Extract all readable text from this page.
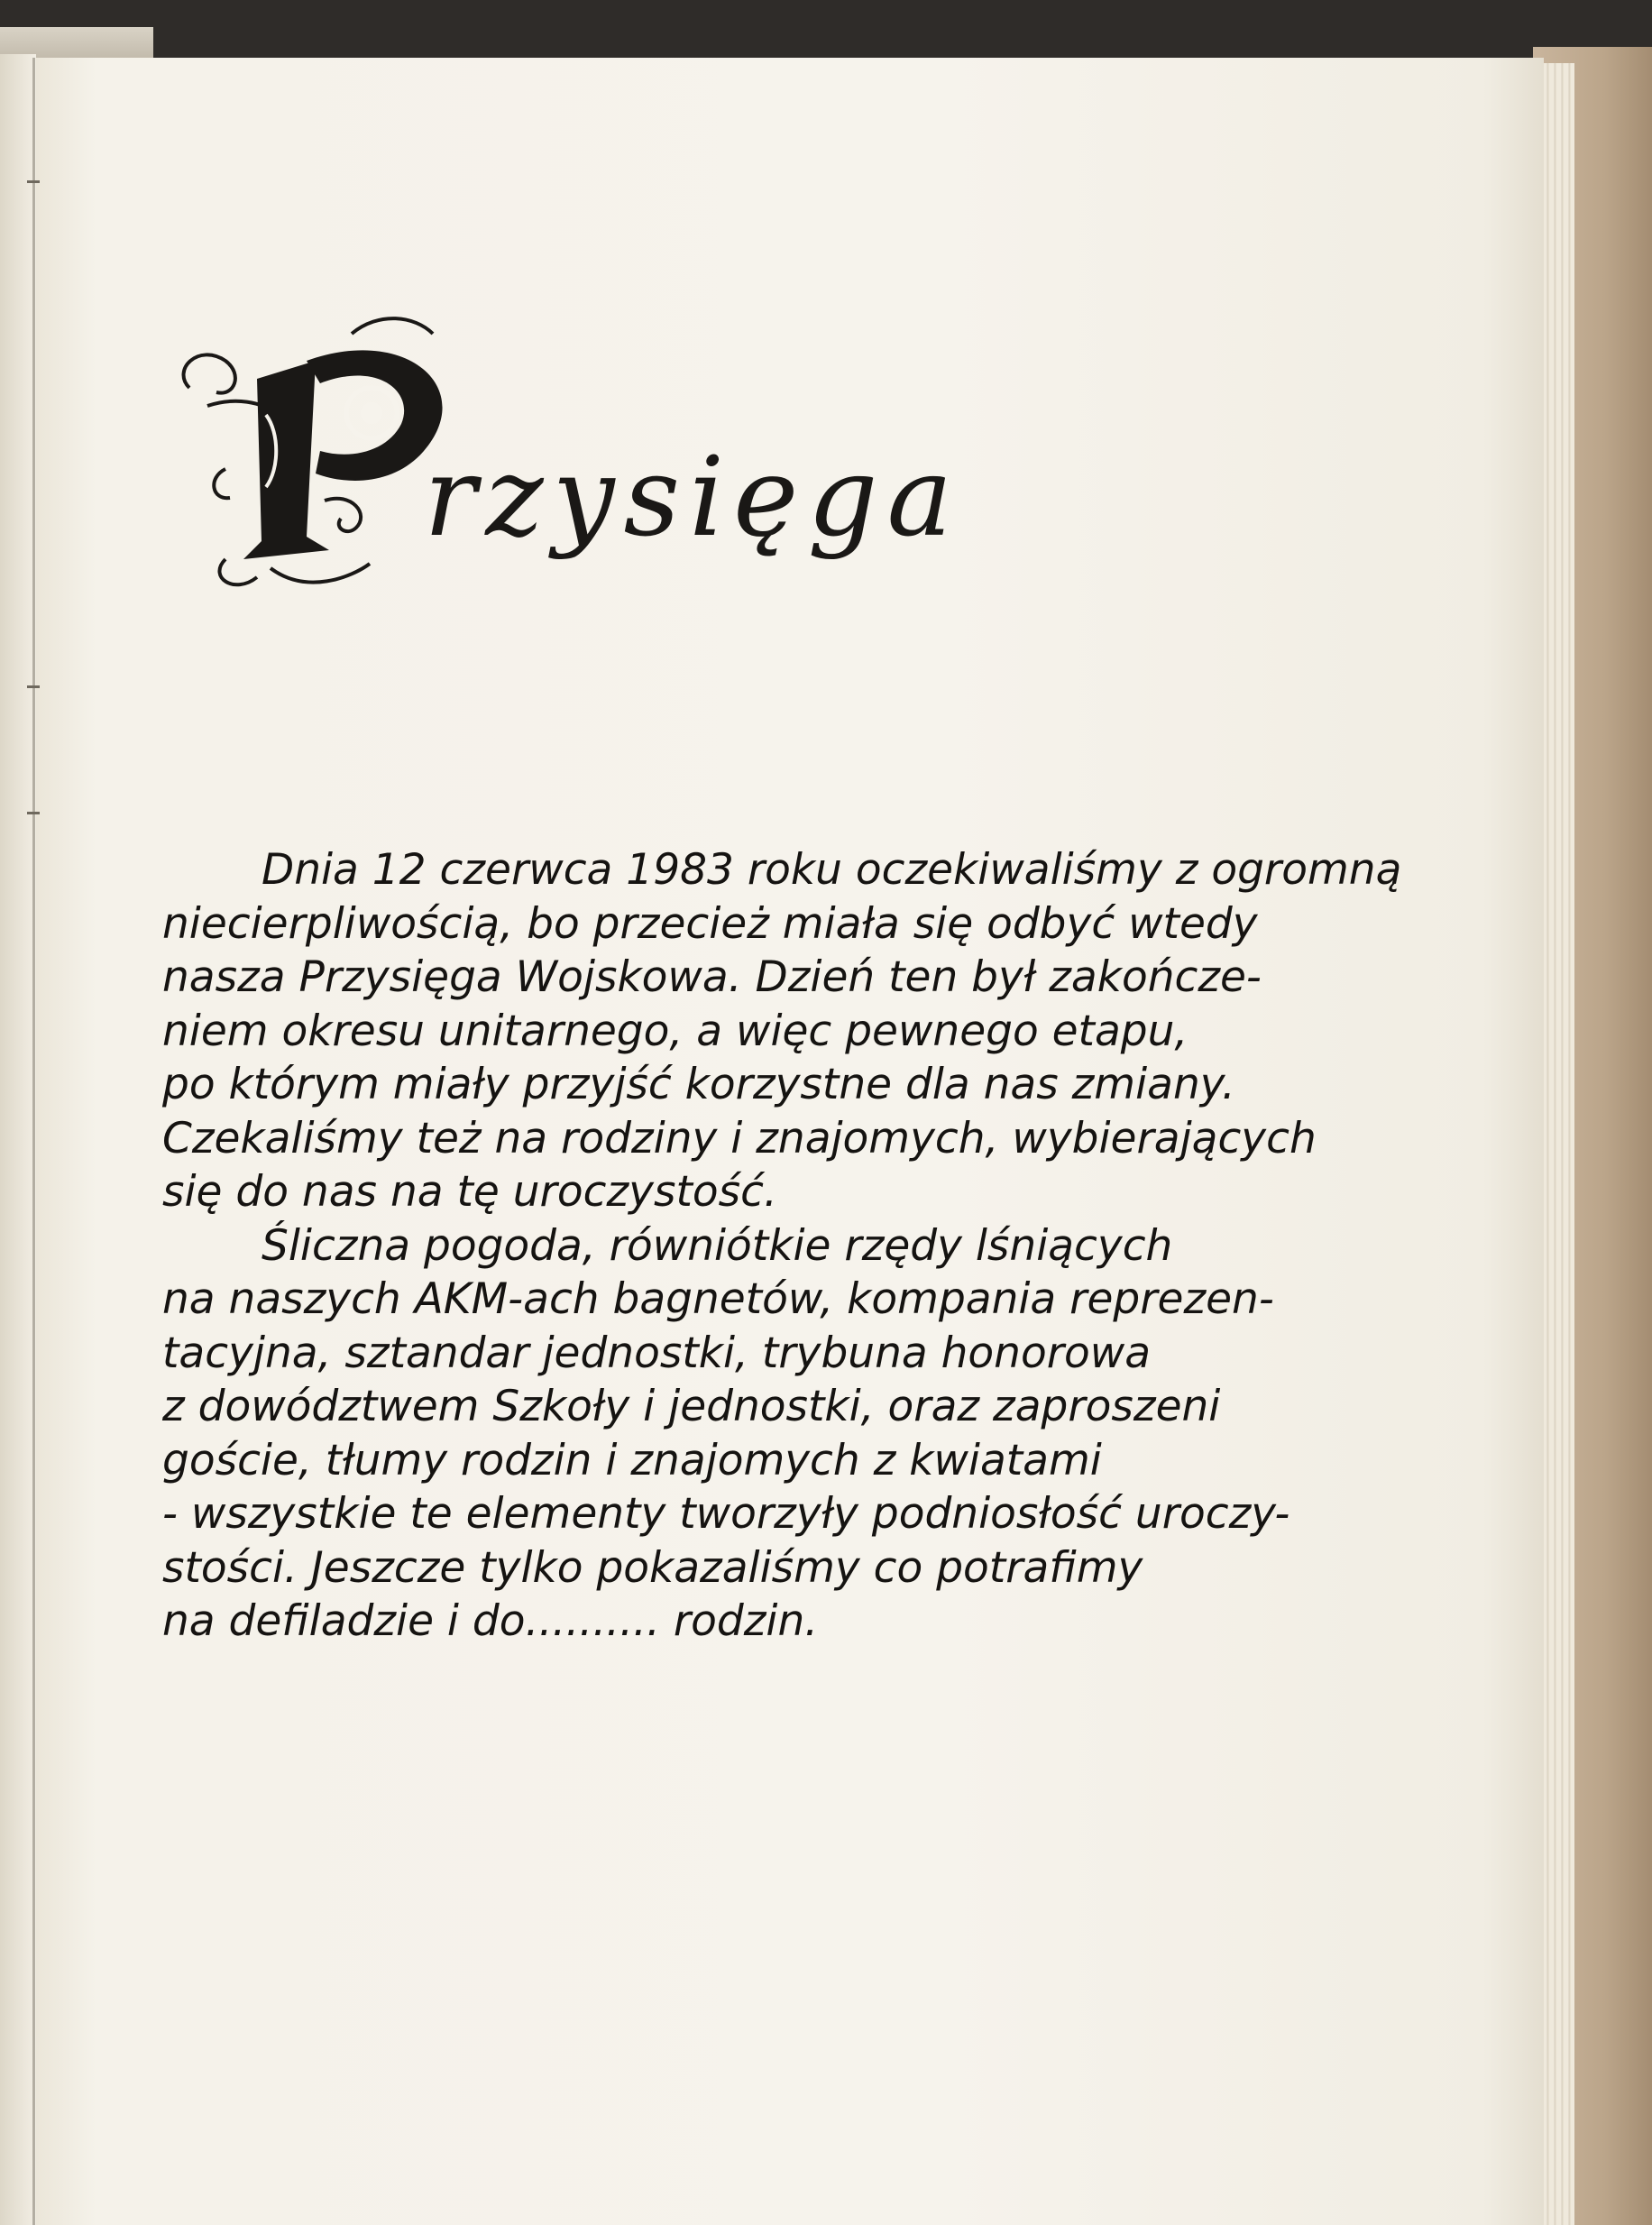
rzysięga
Dnia 12 czerwca 1983 roku oczekiwaliśmy z ogromną
niecierpliwością, bo przecież miała się odbyć wtedy
nasza Przysięga Wojskowa. Dzień ten był zakończe-
niem okresu unitarnego, a więc pewnego etapu,
po którym miały przyjść korzystne dla nas zmiany.
Czekaliśmy też na rodziny i znajomych, wybierających
się do nas na tę uroczystość.
Śliczna pogoda, równiótkie rzędy lśniących
na naszych AKM-ach bagnetów, kompania reprezen-
tacyjna, sztandar jednostki, trybuna honorowa
z dowództwem Szkoły i jednostki, oraz zaproszeni
goście, tłumy rodzin i znajomych z kwiatami
- wszystkie te elementy tworzyły podniosłość uroczy-
stości. Jeszcze tylko pokazaliśmy co potrafimy
na defiladzie i do.......... rodzin.
